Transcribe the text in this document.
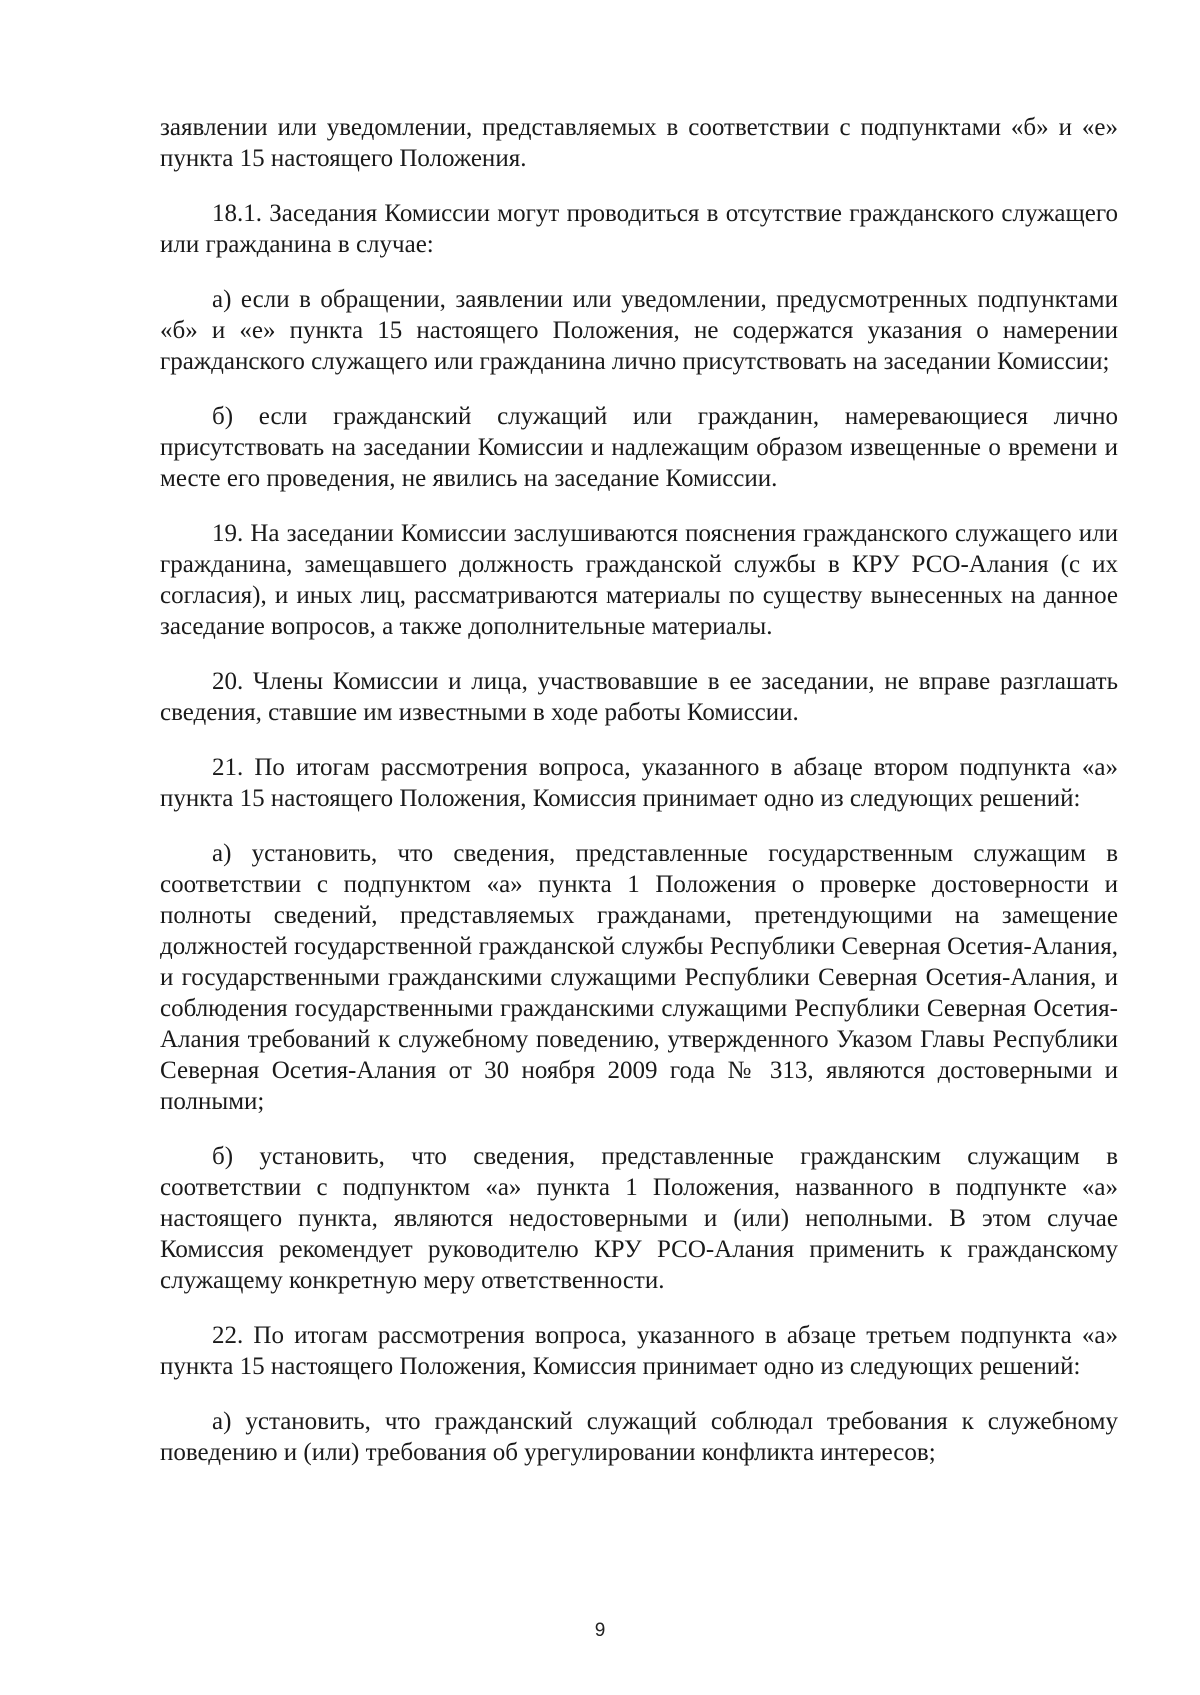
заявлении или уведомлении, представляемых в соответствии с подпунктами «б» и «е» пункта 15 настоящего Положения.

18.1. Заседания Комиссии могут проводиться в отсутствие гражданского служащего или гражданина в случае:

а) если в обращении, заявлении или уведомлении, предусмотренных подпунктами «б» и «е» пункта 15 настоящего Положения, не содержатся указания о намерении гражданского служащего или гражданина лично присутствовать на заседании Комиссии;

б) если гражданский служащий или гражданин, намеревающиеся лично присутствовать на заседании Комиссии и надлежащим образом извещенные о времени и месте его проведения, не явились на заседание Комиссии.

19. На заседании Комиссии заслушиваются пояснения гражданского служащего или гражданина, замещавшего должность гражданской службы в КРУ РСО-Алания (с их согласия), и иных лиц, рассматриваются материалы по существу вынесенных на данное заседание вопросов, а также дополнительные материалы.

20. Члены Комиссии и лица, участвовавшие в ее заседании, не вправе разглашать сведения, ставшие им известными в ходе работы Комиссии.

21. По итогам рассмотрения вопроса, указанного в абзаце втором подпункта «а» пункта 15 настоящего Положения, Комиссия принимает одно из следующих решений:

а) установить, что сведения, представленные государственным служащим в соответствии с подпунктом «а» пункта 1 Положения о проверке достоверности и полноты сведений, представляемых гражданами, претендующими на замещение должностей государственной гражданской службы Республики Северная Осетия-Алания, и государственными гражданскими служащими Республики Северная Осетия-Алания, и соблюдения государственными гражданскими служащими Республики Северная Осетия-Алания требований к служебному поведению, утвержденного Указом Главы Республики Северная Осетия-Алания от 30 ноября 2009 года № 313, являются достоверными и полными;

б) установить, что сведения, представленные гражданским служащим в соответствии с подпунктом «а» пункта 1 Положения, названного в подпункте «а» настоящего пункта, являются недостоверными и (или) неполными. В этом случае Комиссия рекомендует руководителю КРУ РСО-Алания применить к гражданскому служащему конкретную меру ответственности.

22. По итогам рассмотрения вопроса, указанного в абзаце третьем подпункта «а» пункта 15 настоящего Положения, Комиссия принимает одно из следующих решений:

а) установить, что гражданский служащий соблюдал требования к служебному поведению и (или) требования об урегулировании конфликта интересов;

9
